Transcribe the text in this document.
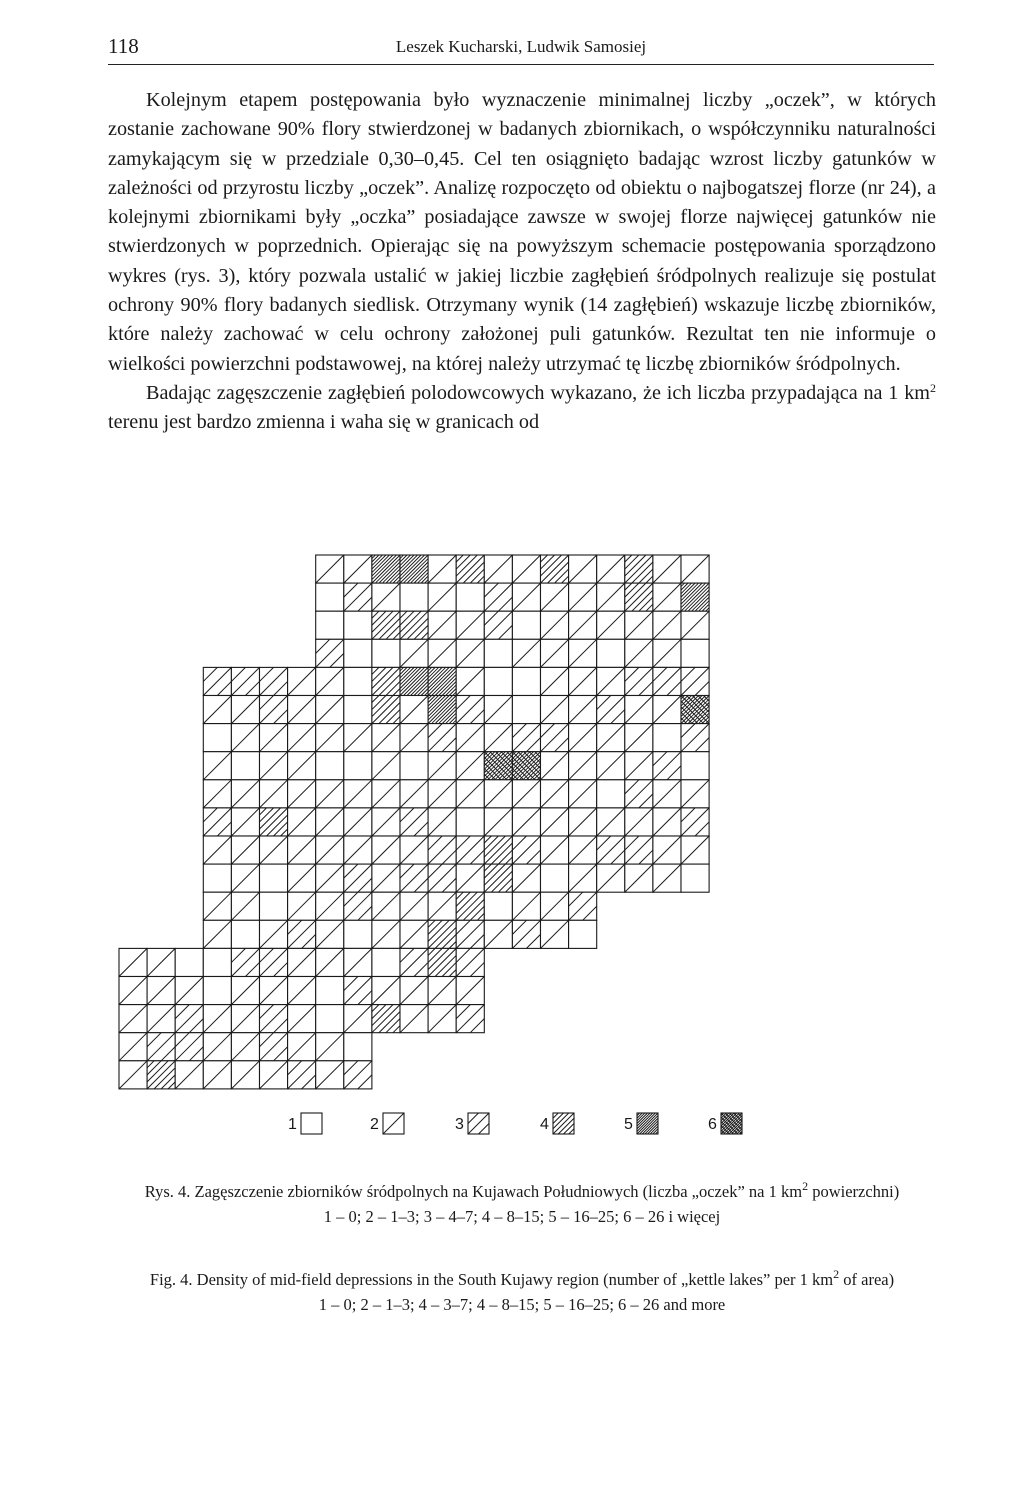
118	Leszek Kucharski, Ludwik Samosiej

Kolejnym etapem postępowania było wyznaczenie minimalnej liczby „oczek”, w których zostanie zachowane 90% flory stwierdzonej w badanych zbiornikach, o współczynniku naturalności zamykającym się w przedziale 0,30–0,45. Cel ten osiągnięto badając wzrost liczby gatunków w zależności od przyrostu liczby „oczek”. Analizę rozpoczęto od obiektu o najbogatszej florze (nr 24), a kolejnymi zbiornikami były „oczka” posiadające zawsze w swojej florze najwięcej gatunków nie stwierdzonych w poprzednich. Opierając się na powyższym schemacie postępowania sporządzono wykres (rys. 3), który pozwala ustalić w jakiej liczbie zagłębień śródpolnych realizuje się postulat ochrony 90% flory badanych siedlisk. Otrzymany wynik (14 zagłębień) wskazuje liczbę zbiorników, które należy zachować w celu ochrony założonej puli gatunków. Rezultat ten nie informuje o wielkości powierzchni podstawowej, na której należy utrzymać tę liczbę zbiorników śródpolnych.

Badając zagęszczenie zagłębień polodowcowych wykazano, że ich liczba przypadająca na 1 $km^2$ terenu jest bardzo zmienna i waha się w granicach od

1	2	3	4	5	6
Rys. 4. Zagęszczenie zbiorników śródpolnych na Kujawach Południowych (liczba „oczek” na 1 $km^2$ powierzchni)
1 – 0; 2 – 1–3; 3 – 4–7; 4 – 8–15; 5 – 16–25; 6 – 26 i więcej
Fig. 4. Density of mid-field depressions in the South Kujawy region (number of „kettle lakes” per 1 $km^2$ of area)
1 – 0; 2 – 1–3; 4 – 3–7; 4 – 8–15; 5 – 16–25; 6 – 26 and more
